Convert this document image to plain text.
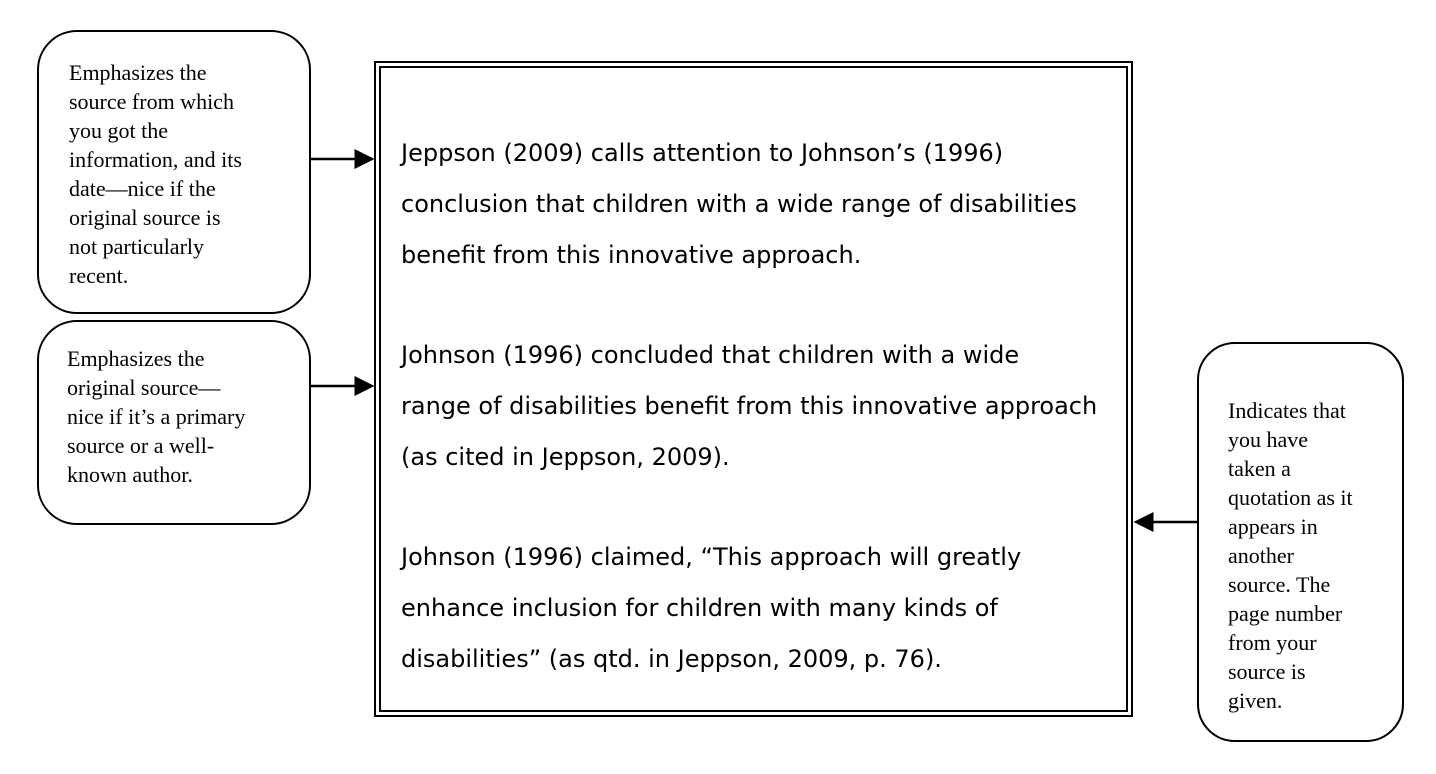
Emphasizes the
source from which
you got the
information, and its
date—nice if the
original source is
not particularly
recent.

Emphasizes the
original source—
nice if it’s a primary
source or a well-
known author.

Indicates that
you have
taken a
quotation as it
appears in
another
source. The
page number
from your
source is
given.

Jeppson (2009) calls attention to Johnson’s (1996)
conclusion that children with a wide range of disabilities
benefit from this innovative approach.

Johnson (1996) concluded that children with a wide
range of disabilities benefit from this innovative approach
(as cited in Jeppson, 2009).

Johnson (1996) claimed, “This approach will greatly
enhance inclusion for children with many kinds of
disabilities” (as qtd. in Jeppson, 2009, p. 76).
